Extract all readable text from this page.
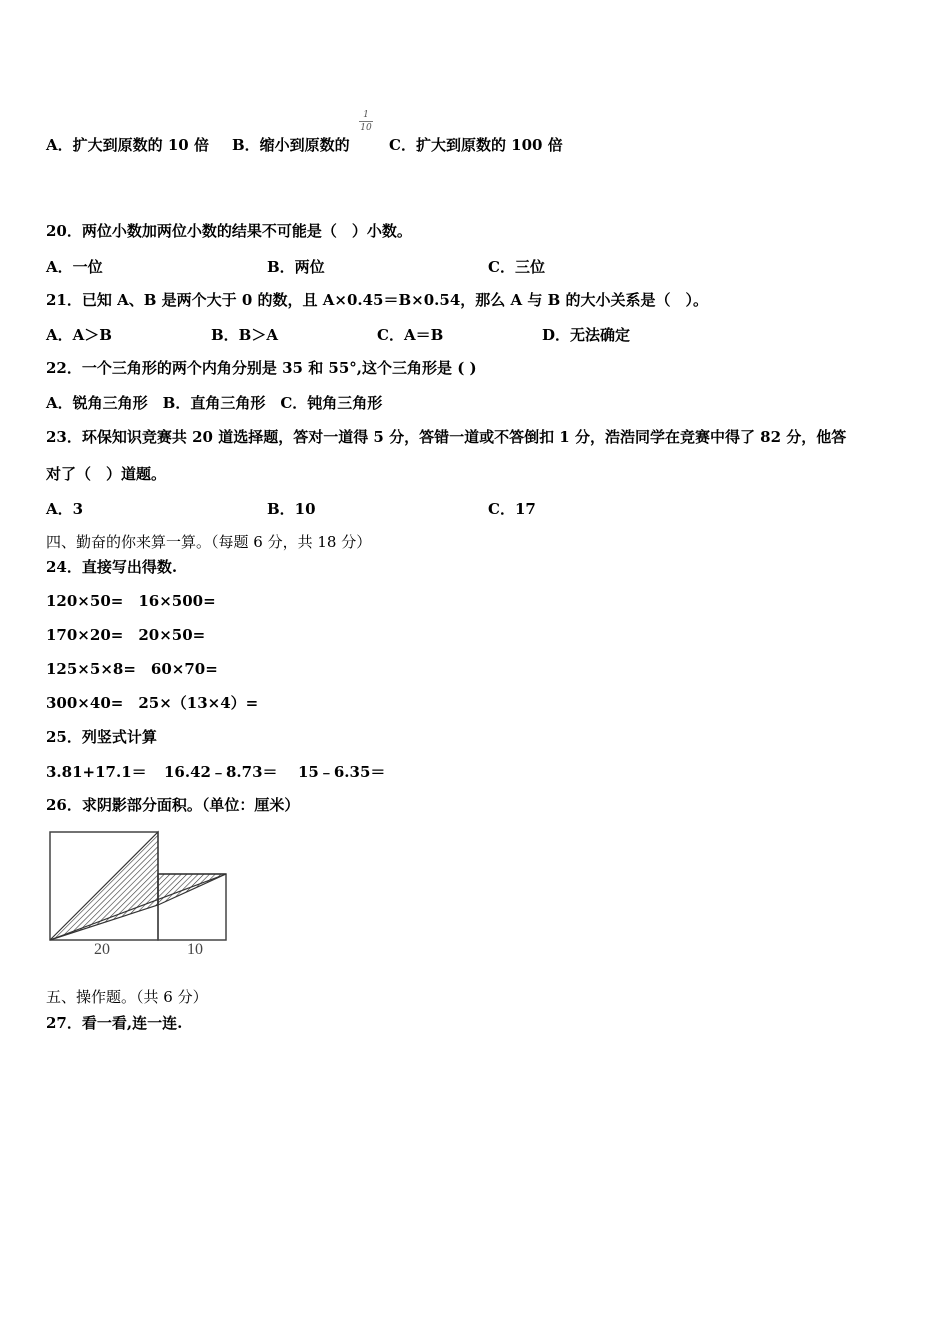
A．扩大到原数的 10 倍 B．缩小到原数的
1
10
C．扩大到原数的 100 倍
20．两位小数加两位小数的结果不可能是（　）小数。
A．一位	B．两位	C．三位
21．已知 A、B 是两个大于 0 的数，且 A×0.45＝B×0.54，那么 A 与 B 的大小关系是（　）。
A．A＞B	B．B＞A	C．A＝B	D．无法确定
22．一个三角形的两个内角分别是 35 和 55°,这个三角形是 ( )
A．锐角三角形　B．直角三角形　C．钝角三角形
23．环保知识竞赛共 20 道选择题，答对一道得 5 分，答错一道或不答倒扣 1 分，浩浩同学在竞赛中得了 82 分，他答
对了（　）道题。
A．3	B．10	C．17
四、勤奋的你来算一算。（每题 6 分，共 18 分）
24．直接写出得数.
120×50=　16×500=
170×20=　20×50=
125×5×8=　60×70=
300×40=　25×（13×4）=
25．列竖式计算
3.81+17.1＝ 16.42﹣8.73＝ 15﹣6.35＝
26．求阴影部分面积。（单位：厘米）
20	10
五、操作题。（共 6 分）
27．看一看,连一连.
